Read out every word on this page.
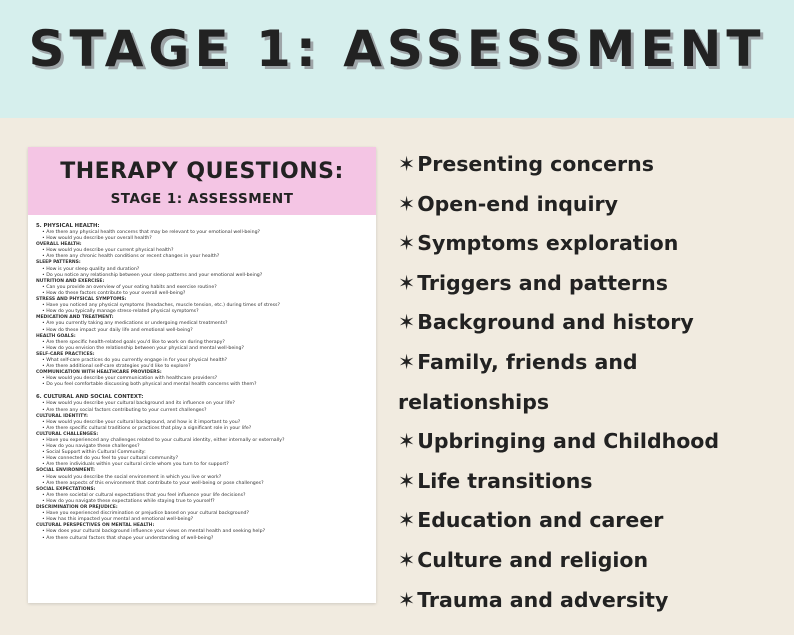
STAGE 1: ASSESSMENT
THERAPY QUESTIONS:
STAGE 1: ASSESSMENT
5. PHYSICAL HEALTH:
• Are there any physical health concerns that may be relevant to your emotional well-being?
• How would you describe your overall health?
OVERALL HEALTH:
• How would you describe your current physical health?
• Are there any chronic health conditions or recent changes in your health?
SLEEP PATTERNS:
• How is your sleep quality and duration?
• Do you notice any relationship between your sleep patterns and your emotional well-being?
NUTRITION AND EXERCISE:
• Can you provide an overview of your eating habits and exercise routine?
• How do these factors contribute to your overall well-being?
STRESS AND PHYSICAL SYMPTOMS:
• Have you noticed any physical symptoms (headaches, muscle tension, etc.) during times of stress?
• How do you typically manage stress-related physical symptoms?
MEDICATION AND TREATMENT:
• Are you currently taking any medications or undergoing medical treatments?
• How do these impact your daily life and emotional well-being?
HEALTH GOALS:
• Are there specific health-related goals you'd like to work on during therapy?
• How do you envision the relationship between your physical and mental well-being?
SELF-CARE PRACTICES:
• What self-care practices do you currently engage in for your physical health?
• Are there additional self-care strategies you'd like to explore?
COMMUNICATION WITH HEALTHCARE PROVIDERS:
• How would you describe your communication with healthcare providers?
• Do you feel comfortable discussing both physical and mental health concerns with them?
6. CULTURAL AND SOCIAL CONTEXT:
• How would you describe your cultural background and its influence on your life?
• Are there any social factors contributing to your current challenges?
CULTURAL IDENTITY:
• How would you describe your cultural background, and how is it important to you?
• Are there specific cultural traditions or practices that play a significant role in your life?
CULTURAL CHALLENGES:
• Have you experienced any challenges related to your cultural identity, either internally or externally?
• How do you navigate these challenges?
• Social Support within Cultural Community:
• How connected do you feel to your cultural community?
• Are there individuals within your cultural circle whom you turn to for support?
SOCIAL ENVIRONMENT:
• How would you describe the social environment in which you live or work?
• Are there aspects of this environment that contribute to your well-being or pose challenges?
SOCIAL EXPECTATIONS:
• Are there societal or cultural expectations that you feel influence your life decisions?
• How do you navigate these expectations while staying true to yourself?
DISCRIMINATION OR PREJUDICE:
• Have you experienced discrimination or prejudice based on your cultural background?
• How has this impacted your mental and emotional well-being?
CULTURAL PERSPECTIVES ON MENTAL HEALTH:
• How does your cultural background influence your views on mental health and seeking help?
• Are there cultural factors that shape your understanding of well-being?
✶Presenting concerns
✶Open-end inquiry
✶Symptoms exploration
✶Triggers and patterns
✶Background and history
✶Family, friends and
relationships
✶Upbringing and Childhood
✶Life transitions
✶Education and career
✶Culture and religion
✶Trauma and adversity
